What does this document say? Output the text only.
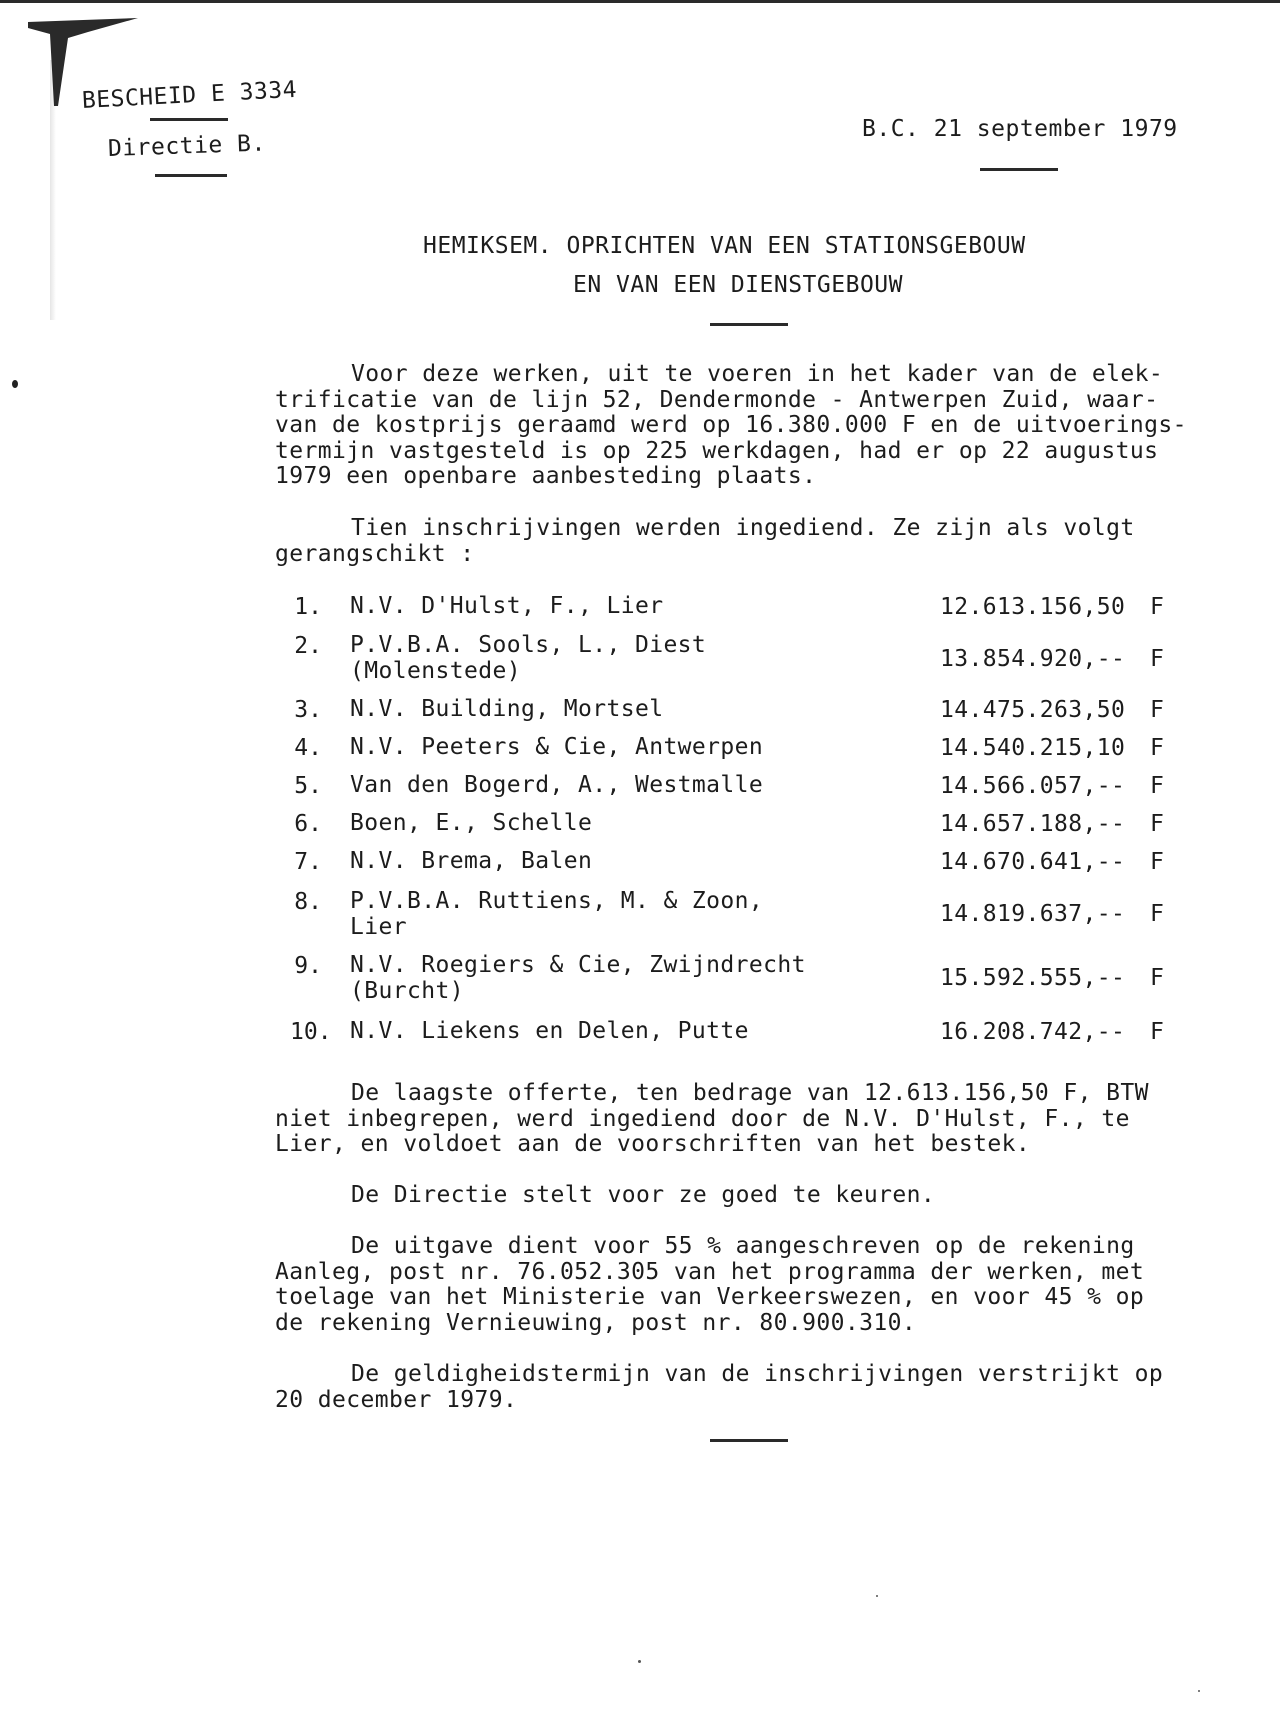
BESCHEID E 3334
Directie B.
B.C. 21 september 1979
HEMIKSEM. OPRICHTEN VAN EEN STATIONSGEBOUW
EN VAN EEN DIENSTGEBOUW
Voor deze werken, uit te voeren in het kader van de elek-
trificatie van de lijn 52, Dendermonde - Antwerpen Zuid, waar-
van de kostprijs geraamd werd op 16.380.000 F en de uitvoerings-
termijn vastgesteld is op 225 werkdagen, had er op 22 augustus
1979 een openbare aanbesteding plaats.
Tien inschrijvingen werden ingediend. Ze zijn als volgt
gerangschikt :
1. N.V. D'Hulst, F., Lier	12.613.156,50 F
2. P.V.B.A. Sools, L., Diest
(Molenstede)	13.854.920,-- F
3. N.V. Building, Mortsel	14.475.263,50 F
4. N.V. Peeters & Cie, Antwerpen	14.540.215,10 F
5. Van den Bogerd, A., Westmalle	14.566.057,-- F
6. Boen, E., Schelle	14.657.188,-- F
7. N.V. Brema, Balen	14.670.641,-- F
8. P.V.B.A. Ruttiens, M. & Zoon,
Lier	14.819.637,-- F
9. N.V. Roegiers & Cie, Zwijndrecht
(Burcht)	15.592.555,-- F
10. N.V. Liekens en Delen, Putte	16.208.742,-- F
De laagste offerte, ten bedrage van 12.613.156,50 F, BTW
niet inbegrepen, werd ingediend door de N.V. D'Hulst, F., te
Lier, en voldoet aan de voorschriften van het bestek.
De Directie stelt voor ze goed te keuren.
De uitgave dient voor 55 % aangeschreven op de rekening
Aanleg, post nr. 76.052.305 van het programma der werken, met
toelage van het Ministerie van Verkeerswezen, en voor 45 % op
de rekening Vernieuwing, post nr. 80.900.310.
De geldigheidstermijn van de inschrijvingen verstrijkt op
20 december 1979.
